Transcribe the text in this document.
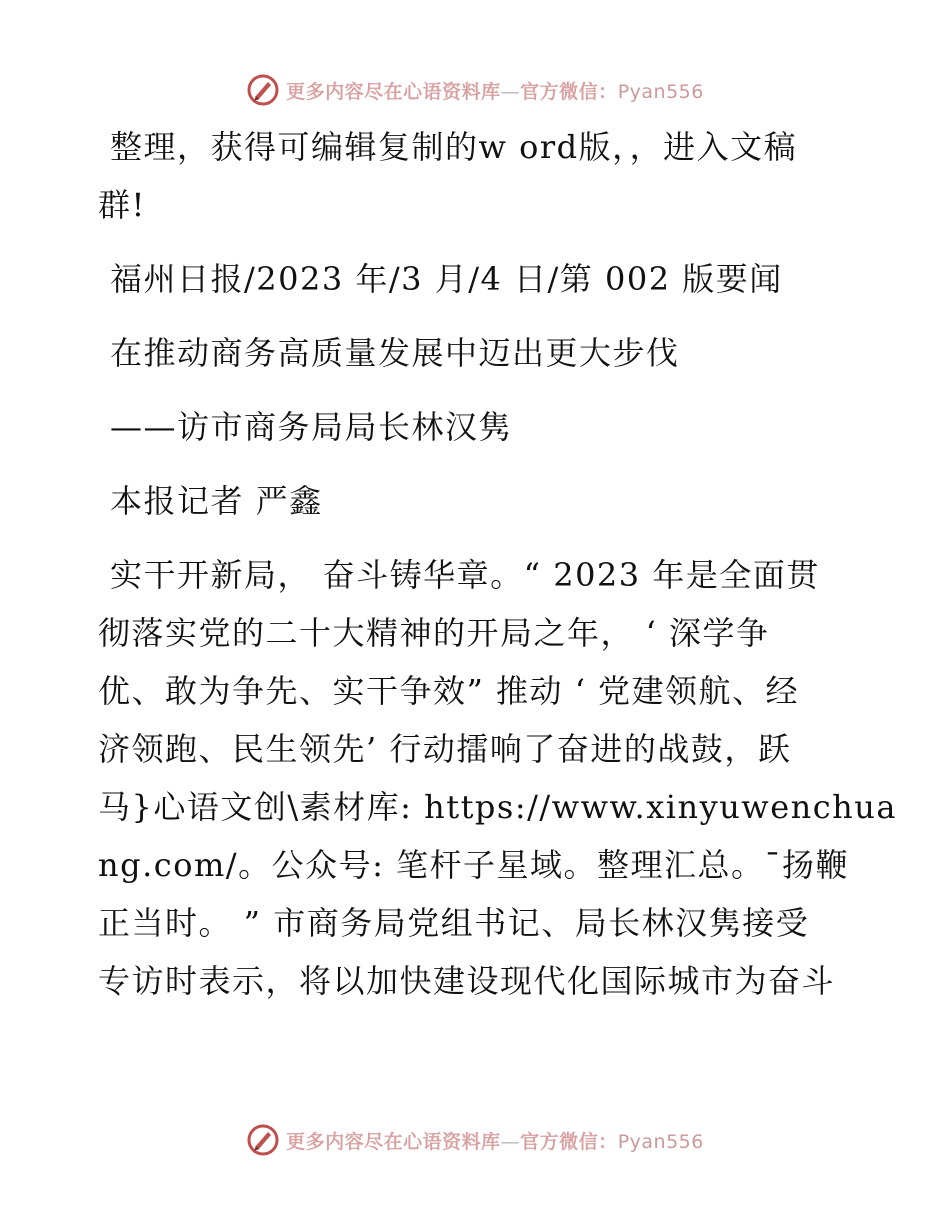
更多内容尽在心语资料库—官方微信：Pyan556
整理，获得可编辑复制的w ord版，，进入文稿
群!
福州日报/2023 年/3 月/4 日/第 002 版要闻
在推动商务高质量发展中迈出更大步伐
——访市商务局局长林汉隽
本报记者 严鑫
实干开新局， 奋斗铸华章。“ 2023 年是全面贯
彻落实党的二十大精神的开局之年， ‘ 深学争
优、敢为争先、实干争效” 推动 ‘ 党建领航、经
济领跑、民生领先’ 行动擂响了奋进的战鼓，跃
马}心语文创\素材库: https://www.xinyuwenchua
ng.com/。公众号: 笔杆子星域。整理汇总。¯扬鞭
正当时。 ” 市商务局党组书记、局长林汉隽接受
专访时表示，将以加快建设现代化国际城市为奋斗
更多内容尽在心语资料库—官方微信：Pyan556
